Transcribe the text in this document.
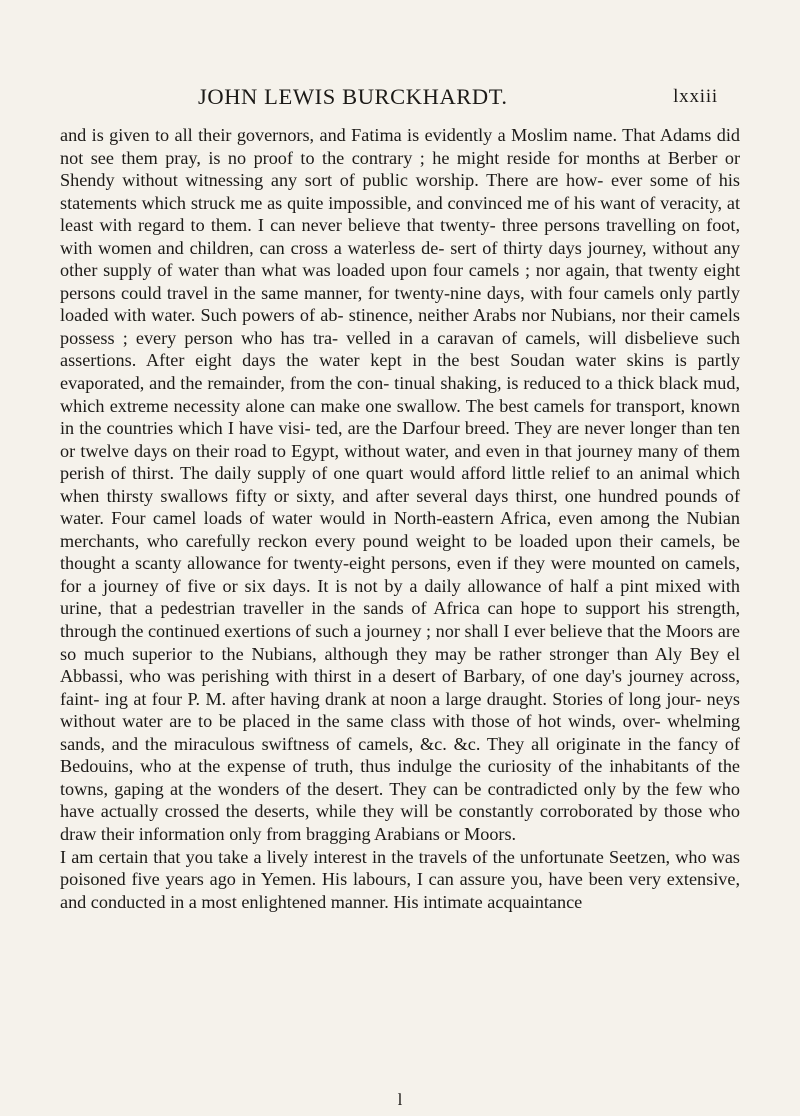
JOHN LEWIS BURCKHARDT.	lxxiii

and is given to all their governors, and Fatima is evidently a Moslim name. That Adams did not see them pray, is no proof to the contrary ; he might reside for months at Berber or Shendy without witnessing any sort of public worship. There are how- ever some of his statements which struck me as quite impossible, and convinced me of his want of veracity, at least with regard to them. I can never believe that twenty- three persons travelling on foot, with women and children, can cross a waterless de- sert of thirty days journey, without any other supply of water than what was loaded upon four camels ; nor again, that twenty eight persons could travel in the same manner, for twenty-nine days, with four camels only partly loaded with water. Such powers of ab- stinence, neither Arabs nor Nubians, nor their camels possess ; every person who has tra- velled in a caravan of camels, will disbelieve such assertions. After eight days the water kept in the best Soudan water skins is partly evaporated, and the remainder, from the con- tinual shaking, is reduced to a thick black mud, which extreme necessity alone can make one swallow. The best camels for transport, known in the countries which I have visi- ted, are the Darfour breed. They are never longer than ten or twelve days on their road to Egypt, without water, and even in that journey many of them perish of thirst. The daily supply of one quart would afford little relief to an animal which when thirsty swallows fifty or sixty, and after several days thirst, one hundred pounds of water. Four camel loads of water would in North-eastern Africa, even among the Nubian merchants, who carefully reckon every pound weight to be loaded upon their camels, be thought a scanty allowance for twenty-eight persons, even if they were mounted on camels, for a journey of five or six days. It is not by a daily allowance of half a pint mixed with urine, that a pedestrian traveller in the sands of Africa can hope to support his strength, through the continued exertions of such a journey ; nor shall I ever believe that the Moors are so much superior to the Nubians, although they may be rather stronger than Aly Bey el Abbassi, who was perishing with thirst in a desert of Barbary, of one day's journey across, faint- ing at four P. M. after having drank at noon a large draught. Stories of long jour- neys without water are to be placed in the same class with those of hot winds, over- whelming sands, and the miraculous swiftness of camels, &c. &c. They all originate in the fancy of Bedouins, who at the expense of truth, thus indulge the curiosity of the inhabitants of the towns, gaping at the wonders of the desert. They can be contradicted only by the few who have actually crossed the deserts, while they will be constantly corroborated by those who draw their information only from bragging Arabians or Moors.

I am certain that you take a lively interest in the travels of the unfortunate Seetzen, who was poisoned five years ago in Yemen. His labours, I can assure you, have been very extensive, and conducted in a most enlightened manner. His intimate acquaintance

l
